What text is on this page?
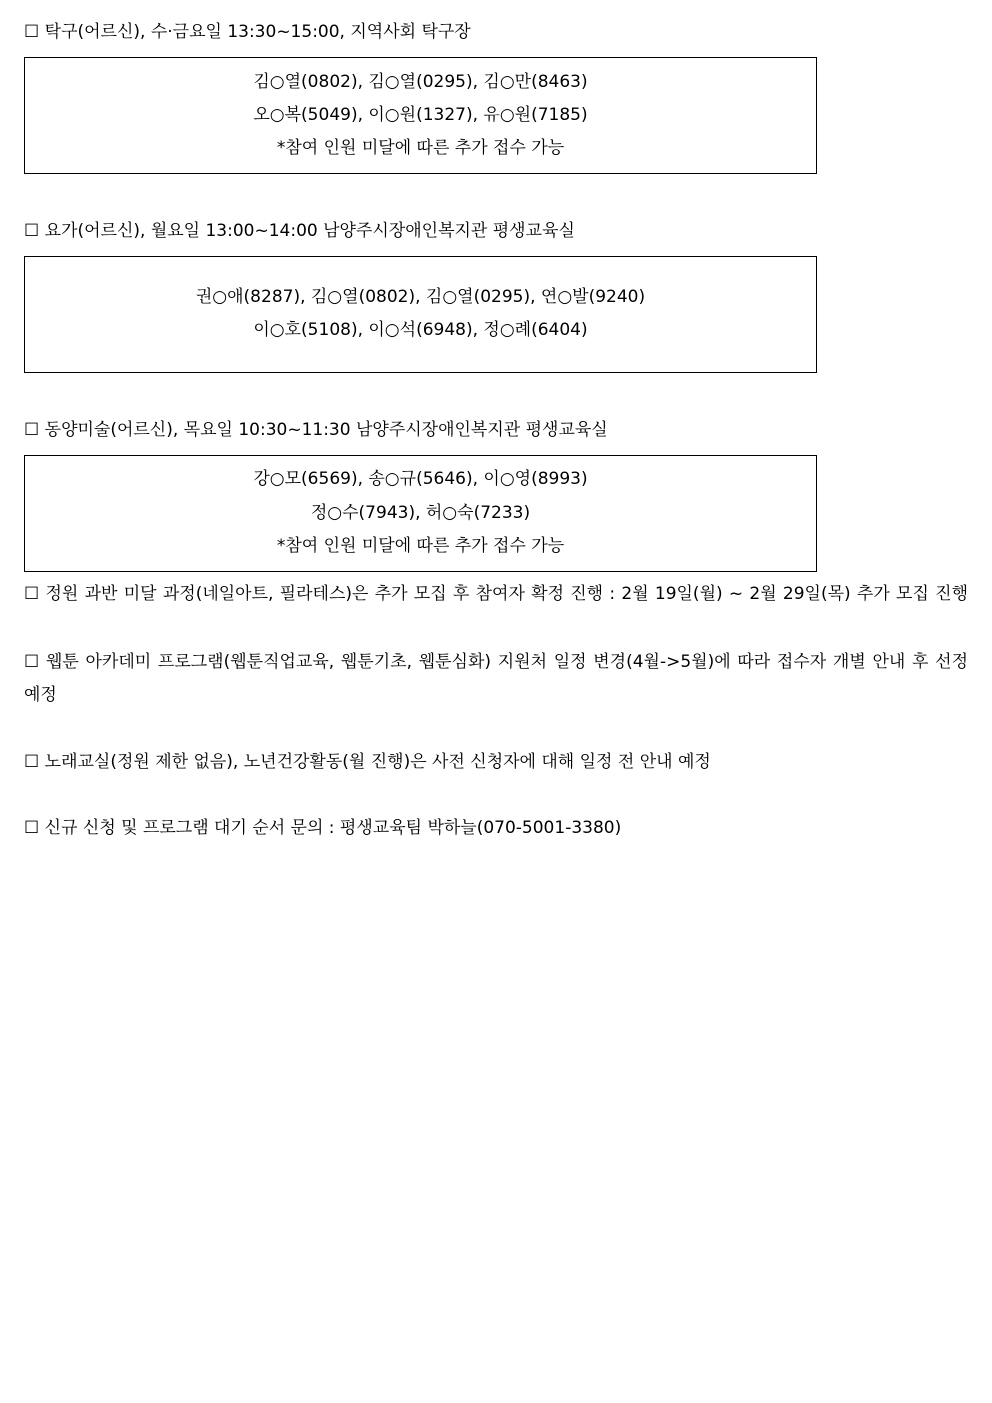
☐ 탁구(어르신), 수·금요일 13:30~15:00, 지역사회 탁구장
김○열(0802), 김○열(0295), 김○만(8463)
오○복(5049), 이○원(1327), 유○원(7185)
*참여 인원 미달에 따른 추가 접수 가능
☐ 요가(어르신), 월요일 13:00~14:00 남양주시장애인복지관 평생교육실
권○애(8287), 김○열(0802), 김○열(0295), 연○발(9240)
이○호(5108), 이○석(6948), 정○례(6404)
☐ 동양미술(어르신), 목요일 10:30~11:30 남양주시장애인복지관 평생교육실
강○모(6569), 송○규(5646), 이○영(8993)
정○수(7943), 허○숙(7233)
*참여 인원 미달에 따른 추가 접수 가능
☐ 정원 과반 미달 과정(네일아트, 필라테스)은 추가 모집 후 참여자 확정 진행 : 2월 19일(월) ~ 2월 29일(목) 추가 모집 진행
☐ 웹툰 아카데미 프로그램(웹툰직업교육, 웹툰기초, 웹툰심화) 지원처 일정 변경(4월->5월)에 따라 접수자 개별 안내 후 선정
예정
☐ 노래교실(정원 제한 없음), 노년건강활동(월 진행)은 사전 신청자에 대해 일정 전 안내 예정
☐ 신규 신청 및 프로그램 대기 순서 문의 : 평생교육팀 박하늘(070-5001-3380)
